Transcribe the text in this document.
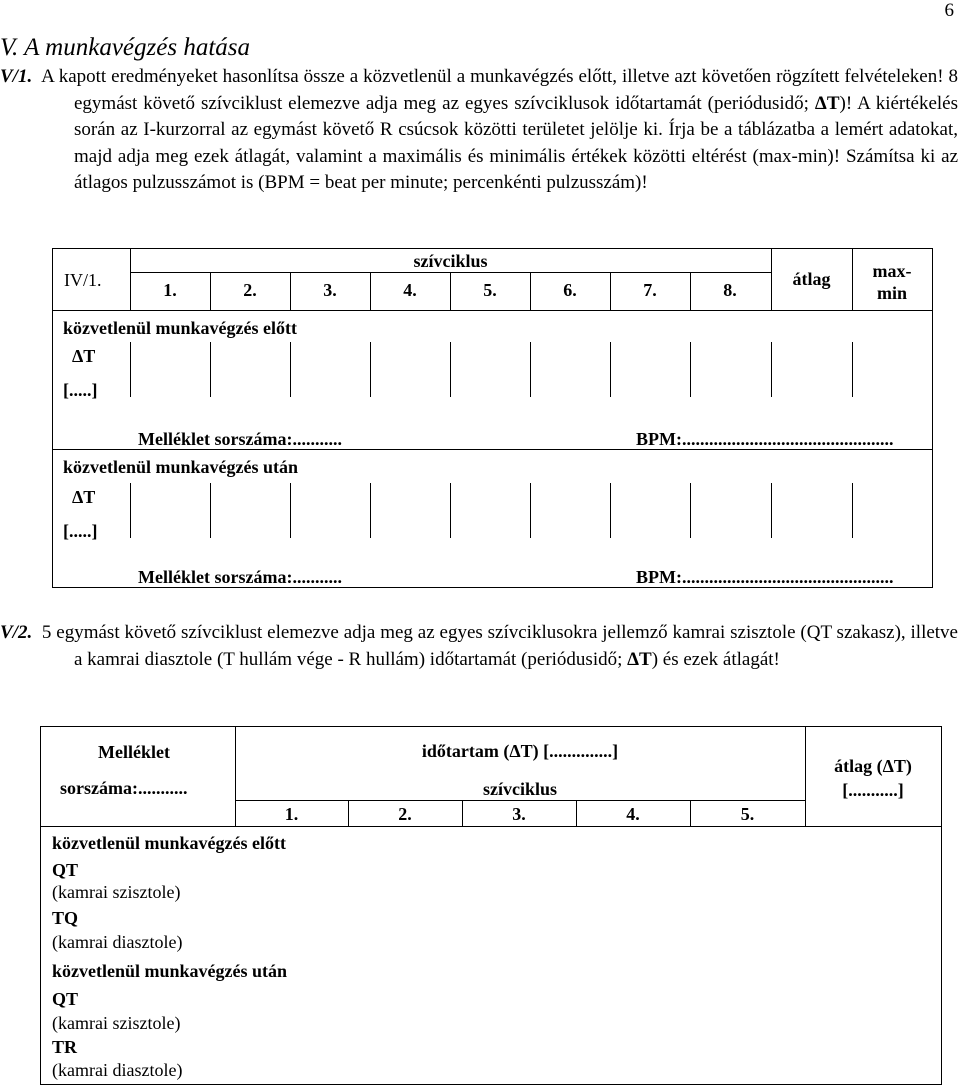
6
V. A munkavégzés hatása

V/1. A kapott eredményeket hasonlítsa össze a közvetlenül a munkavégzés előtt, illetve azt követően rögzített felvételeken! 8 egymást követő szívciklust elemezve adja meg az egyes szívciklusok időtartamát (periódusidő; ΔT)! A kiértékelés során az I-kurzorral az egymást követő R csúcsok közötti területet jelölje ki. Írja be a táblázatba a lemért adatokat, majd adja meg ezek átlagát, valamint a maximális és minimális értékek közötti eltérést (max-min)! Számítsa ki az átlagos pulzusszámot is (BPM = beat per minute; percenkénti pulzusszám)!

IV/1.
szívciklus
1.	2.	3.	4.	5.	6.	7.	8.
átlag	max-
min
közvetlenül munkavégzés előtt
ΔT
[.....]
Melléklet sorszáma:...........	BPM:...............................................
közvetlenül munkavégzés után
ΔT
[.....]
Melléklet sorszáma:...........	BPM:...............................................

V/2. 5 egymást követő szívciklust elemezve adja meg az egyes szívciklusokra jellemző kamrai szisztole (QT szakasz), illetve a kamrai diasztole (T hullám vége - R hullám) időtartamát (periódusidő; ΔT) és ezek átlagát!

Melléklet
sorszáma:...........
időtartam (ΔT) [..............]
szívciklus
1.	2.	3.	4.	5.
átlag (ΔT)
[...........]
közvetlenül munkavégzés előtt
QT
(kamrai szisztole)
TQ
(kamrai diasztole)
közvetlenül munkavégzés után
QT
(kamrai szisztole)
TR
(kamrai diasztole)
